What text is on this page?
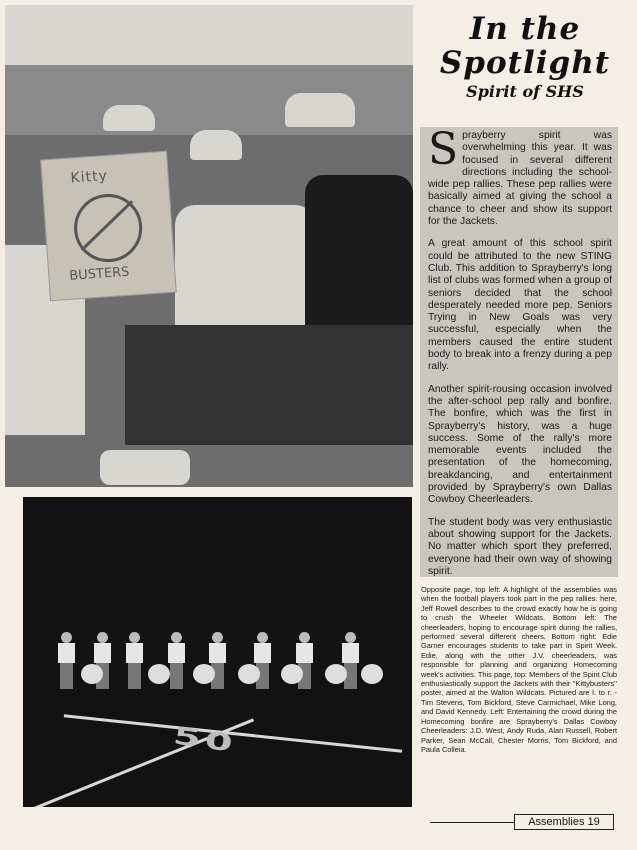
Kitty
BUSTERS
50
In the Spotlight
Spirit of SHS

Sprayberry spirit was overwhelming this year. It was focused in several different directions including the school-wide pep rallies. These pep rallies were basically aimed at giving the school a chance to cheer and show its support for the Jackets.

A great amount of this school spirit could be attributed to the new STING Club. This addition to Sprayberry's long list of clubs was formed when a group of seniors decided that the school desperately needed more pep. Seniors Trying in New Goals was very successful, especially when the members caused the entire student body to break into a frenzy during a pep rally.

Another spirit-rousing occasion involved the after-school pep rally and bonfire. The bonfire, which was the first in Sprayberry's history, was a huge success. Some of the rally's more memorable events included the presentation of the homecoming, breakdancing, and entertainment provided by Sprayberry's own Dallas Cowboy Cheerleaders.

The student body was very enthusiastic about showing support for the Jackets. No matter which sport they preferred, everyone had their own way of showing spirit.

Opposite page, top left: A highlight of the assemblies was when the football players took part in the pep rallies. here, Jeff Rowell describes to the crowd exactly how he is going to crush the Wheeler Wildcats. Bottom left: The cheerleaders, hoping to encourage spirit during the rallies, performed several different cheers. Bottom right: Edie Garner encourages students to take part in Spirit Week. Edie, along with the other J.V. cheerleaders, was responsible for planning and organizing Homecoming week's activities. This page, top: Members of the Spirit Club enthusiastically support the Jackets with their ''Kittybusters'' poster, aimed at the Walton Wildcats. Pictured are l. to r. - Tim Stevens, Tom Bickford, Steve Carmichael, Mike Long, and David Kennedy. Left: Entertaining the crowd during the Homecoming bonfire are Sprayberry's Dallas Cowboy Cheerleaders: J.D. West, Andy Ruda, Alan Russell, Robert Parker, Sean McCall, Chester Morris, Tom Bickford, and Paula Colleia.
Assemblies 19
